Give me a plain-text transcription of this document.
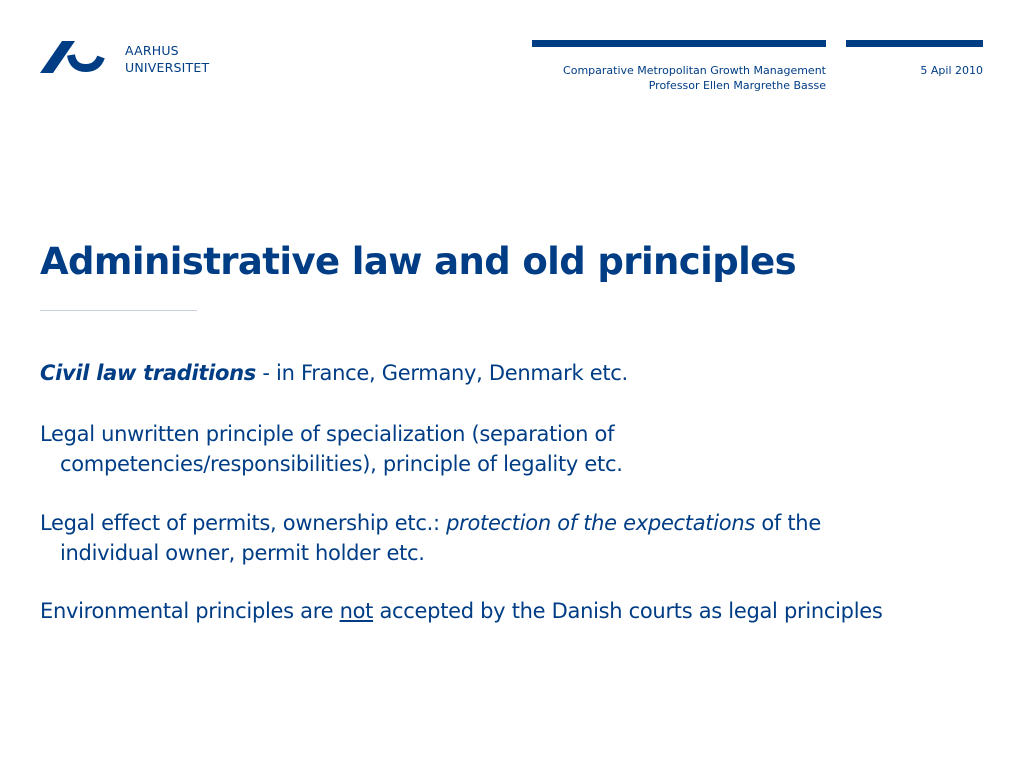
AARHUS
UNIVERSITET	Comparative Metropolitan Growth Management
Professor Ellen Margrethe Basse
5 Apil 2010
Administrative law and old principles

Civil law traditions - in France, Germany, Denmark etc.

Legal unwritten principle of specialization (separation of
competencies/responsibilities), principle of legality etc.

Legal effect of permits, ownership etc.: protection of the expectations of the
individual owner, permit holder etc.

Environmental principles are not accepted by the Danish courts as legal principles
